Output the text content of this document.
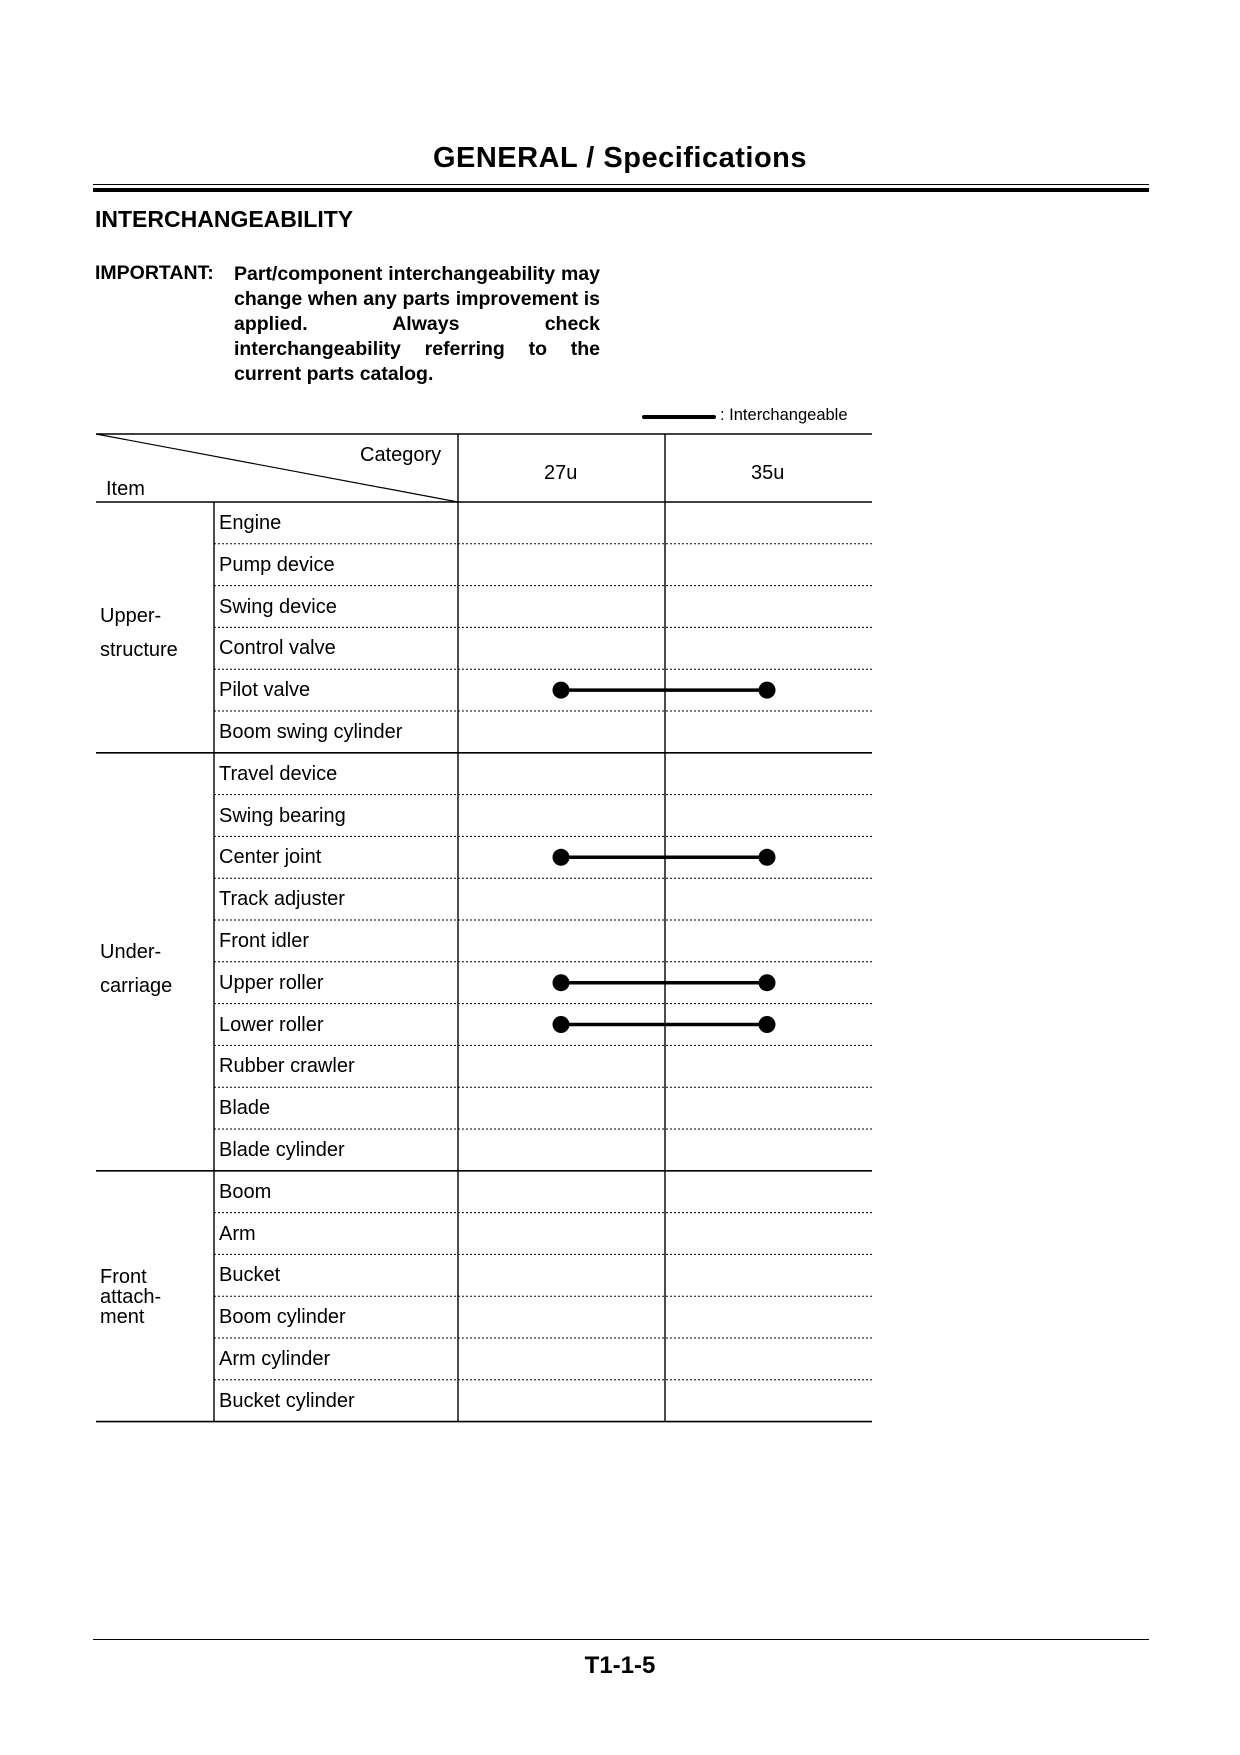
GENERAL / Specifications
INTERCHANGEABILITY
IMPORTANT: Part/component interchangeability may change when any parts improvement is applied. Always check interchangeability referring to the current parts catalog.
: Interchangeable
Category
Item
27u	35u
Upper-
structure
Under-
carriage
Front
attach-
ment
Engine
Pump device
Swing device
Control valve
Pilot valve
Boom swing cylinder
Travel device
Swing bearing
Center joint
Track adjuster
Front idler
Upper roller
Lower roller
Rubber crawler
Blade
Blade cylinder
Boom
Arm
Bucket
Boom cylinder
Arm cylinder
Bucket cylinder
T1-1-5
